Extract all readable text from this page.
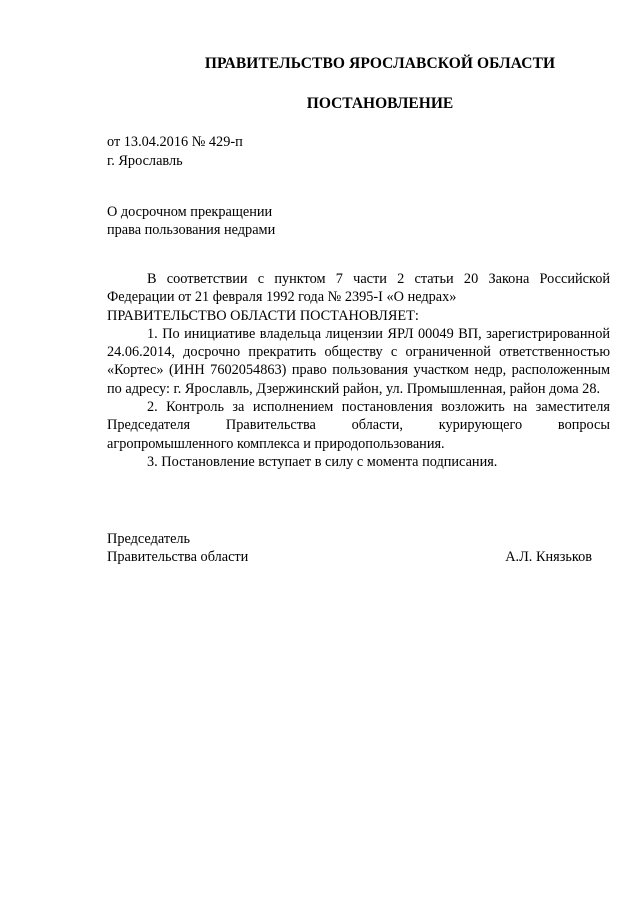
ПРАВИТЕЛЬСТВО ЯРОСЛАВСКОЙ ОБЛАСТИ
ПОСТАНОВЛЕНИЕ
от 13.04.2016 № 429-п
г. Ярославль
О досрочном прекращении
права пользования недрами

В соответствии с пунктом 7 части 2 статьи 20 Закона Российской Федерации от 21 февраля 1992 года № 2395-I «О недрах»

ПРАВИТЕЛЬСТВО ОБЛАСТИ ПОСТАНОВЛЯЕТ:

1. По инициативе владельца лицензии ЯРЛ 00049 ВП, зарегистрированной 24.06.2014, досрочно прекратить обществу с ограниченной ответственностью «Кортес» (ИНН 7602054863) право пользования участком недр, расположенным по адресу: г. Ярославль, Дзержинский район, ул. Промышленная, район дома 28.

2. Контроль за исполнением постановления возложить на заместителя Председателя Правительства области, курирующего вопросы агропромышленного комплекса и природопользования.

3. Постановление вступает в силу с момента подписания.

Председатель
Правительства области	А.Л. Князьков
